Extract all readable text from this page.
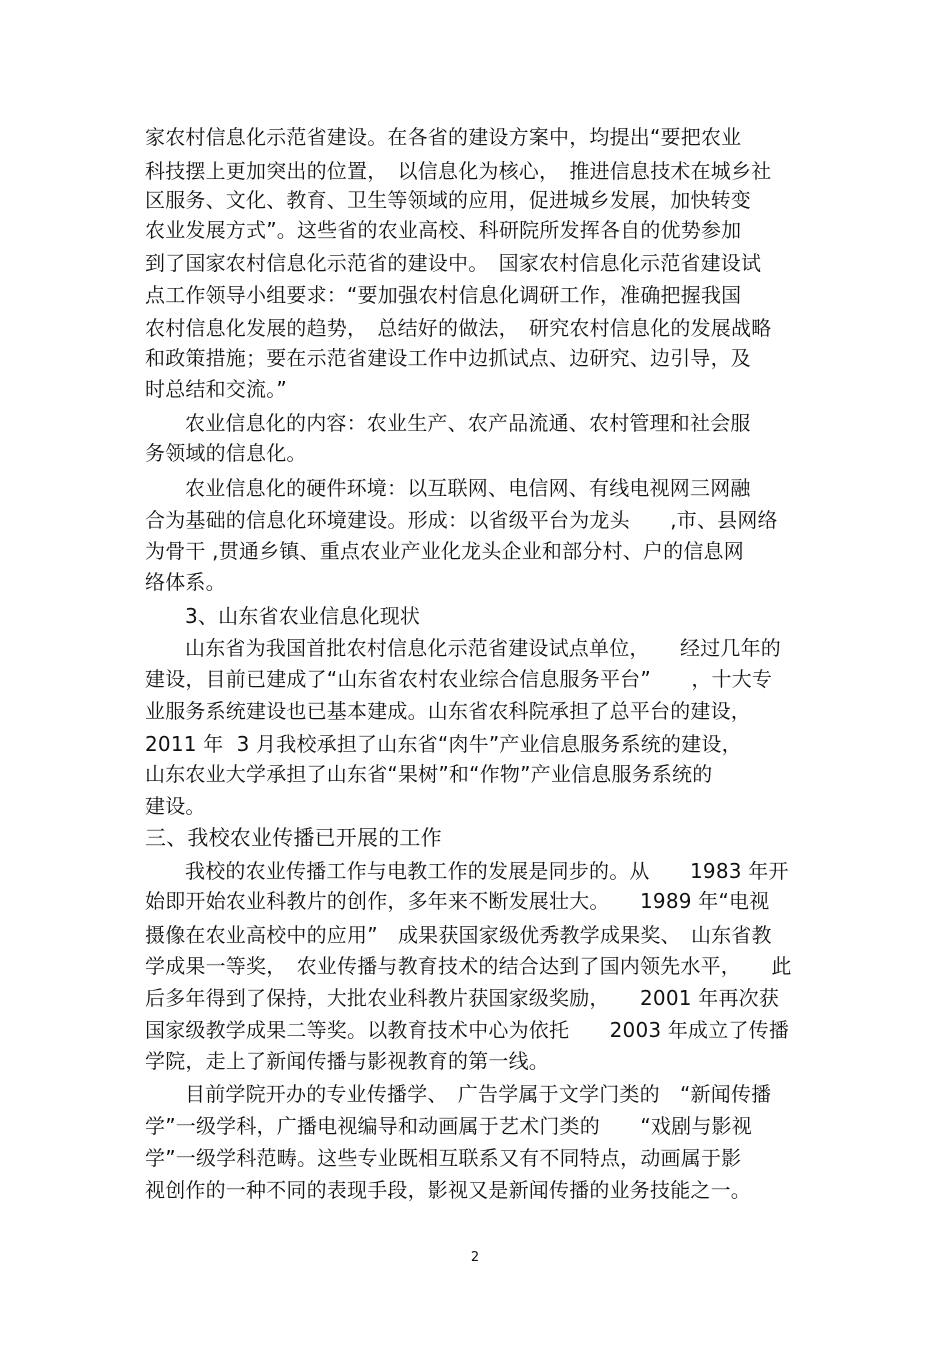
家农村信息化示范省建设。在各省的建设方案中，均提出“要把农业
科技摆上更加突出的位置，　以信息化为核心，　推进信息技术在城乡社
区服务、文化、教育、卫生等领域的应用，促进城乡发展，加快转变
农业发展方式”。这些省的农业高校、科研院所发挥各自的优势参加
到了国家农村信息化示范省的建设中。　国家农村信息化示范省建设试
点工作领导小组要求：“要加强农村信息化调研工作，准确把握我国
农村信息化发展的趋势，　总结好的做法，　研究农村信息化的发展战略
和政策措施；要在示范省建设工作中边抓试点、边研究、边引导，及
时总结和交流。”
农业信息化的内容：农业生产、农产品流通、农村管理和社会服
务领域的信息化。
农业信息化的硬件环境：以互联网、电信网、有线电视网三网融
合为基础的信息化环境建设。形成：以省级平台为龙头　　,市、县网络
为骨干 ,贯通乡镇、重点农业产业化龙头企业和部分村、户的信息网
络体系。
3、山东省农业信息化现状
山东省为我国首批农村信息化示范省建设试点单位，　　经过几年的
建设，目前已建成了“山东省农村农业综合信息服务平台”　　，十大专
业服务系统建设也已基本建成。山东省农科院承担了总平台的建设，
2011 年  3 月我校承担了山东省“肉牛”产业信息服务系统的建设，
山东农业大学承担了山东省“果树”和“作物”产业信息服务系统的
建设。
三、我校农业传播已开展的工作
我校的农业传播工作与电教工作的发展是同步的。从　　1983 年开
始即开始农业科教片的创作，多年来不断发展壮大。　　1989 年“电视
摄像在农业高校中的应用”　成果获国家级优秀教学成果奖、　山东省教
学成果一等奖，　农业传播与教育技术的结合达到了国内领先水平，　　此
后多年得到了保持，大批农业科教片获国家级奖励，　　2001 年再次获
国家级教学成果二等奖。以教育技术中心为依托　　2003 年成立了传播
学院，走上了新闻传播与影视教育的第一线。
目前学院开办的专业传播学、　广告学属于文学门类的　“新闻传播
学”一级学科，广播电视编导和动画属于艺术门类的　　“戏剧与影视
学”一级学科范畴。这些专业既相互联系又有不同特点，动画属于影
视创作的一种不同的表现手段，影视又是新闻传播的业务技能之一。
2
